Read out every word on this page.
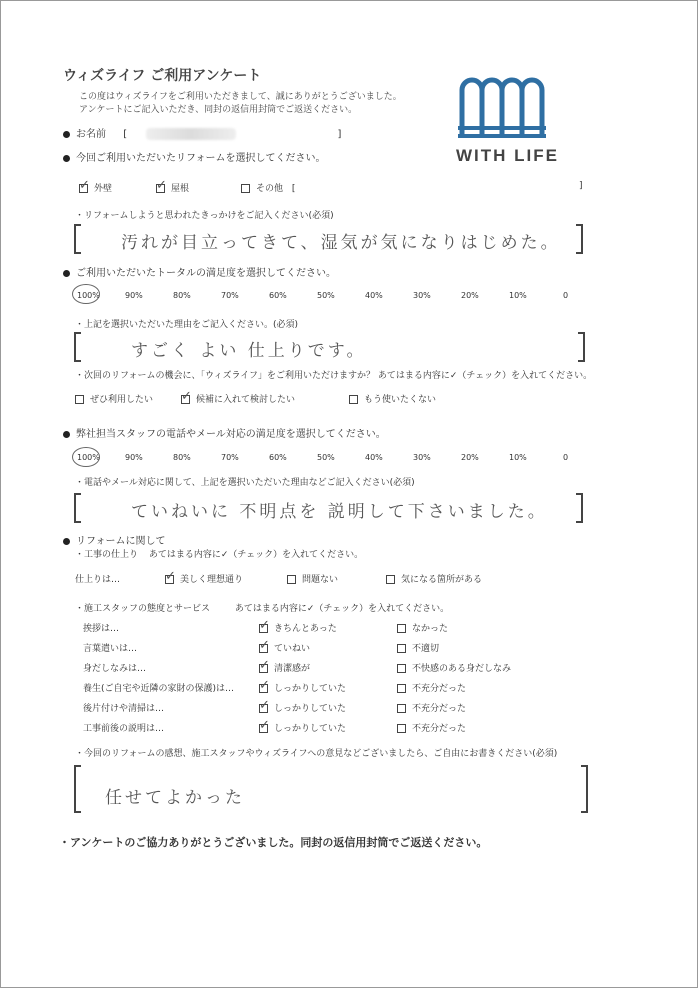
ウィズライフ ご利用アンケート
この度はウィズライフをご利用いただきまして、誠にありがとうございました。
アンケートにご記入いただき、同封の返信用封筒でご返送ください。
WITH LIFE
お名前 [	]
今回ご利用いただいたリフォームを選択してください。
✓ 外壁	✓ 屋根	その他 [	]
・リフォームしようと思われたきっかけをご記入ください(必須)
汚れが目立ってきて、湿気が気になりはじめた。
ご利用いただいたトータルの満足度を選択してください。
100%	90%	80%	70%	60%	50%	40%	30%	20%	10%	0
・上記を選択いただいた理由をご記入ください。(必須)
すごく よい 仕上りです。
・次回のリフォームの機会に、「ウィズライフ」をご利用いただけますか？ あてはまる内容に✓（チェック）を入れてください。
ぜひ利用したい ✓ 候補に入れて検討したい	もう使いたくない
弊社担当スタッフの電話やメール対応の満足度を選択してください。
100%	90%	80%	70%	60%	50%	40%	30%	20%	10%	0
・電話やメール対応に関して、上記を選択いただいた理由などご記入ください(必須)
ていねいに 不明点を 説明して下さいました。
リフォームに関して
・工事の仕上り あてはまる内容に✓（チェック）を入れてください。
仕上りは…	✓ 美しく理想通り	問題ない	気になる箇所がある
・施工スタッフの態度とサービス	あてはまる内容に✓（チェック）を入れてください。
挨拶は…	✓ きちんとあった	なかった
言葉遣いは…	✓ ていねい	不適切
身だしなみは…	✓ 清潔感が	不快感のある身だしなみ
養生(ご自宅や近隣の家財の保護)は… ✓ しっかりしていた	不充分だった
後片付けや清掃は…	✓ しっかりしていた	不充分だった
工事前後の説明は…	✓ しっかりしていた	不充分だった
・今回のリフォームの感想、施工スタッフやウィズライフへの意見などございましたら、ご自由にお書きください(必須)
任せてよかった
・アンケートのご協力ありがとうございました。同封の返信用封筒でご返送ください。
